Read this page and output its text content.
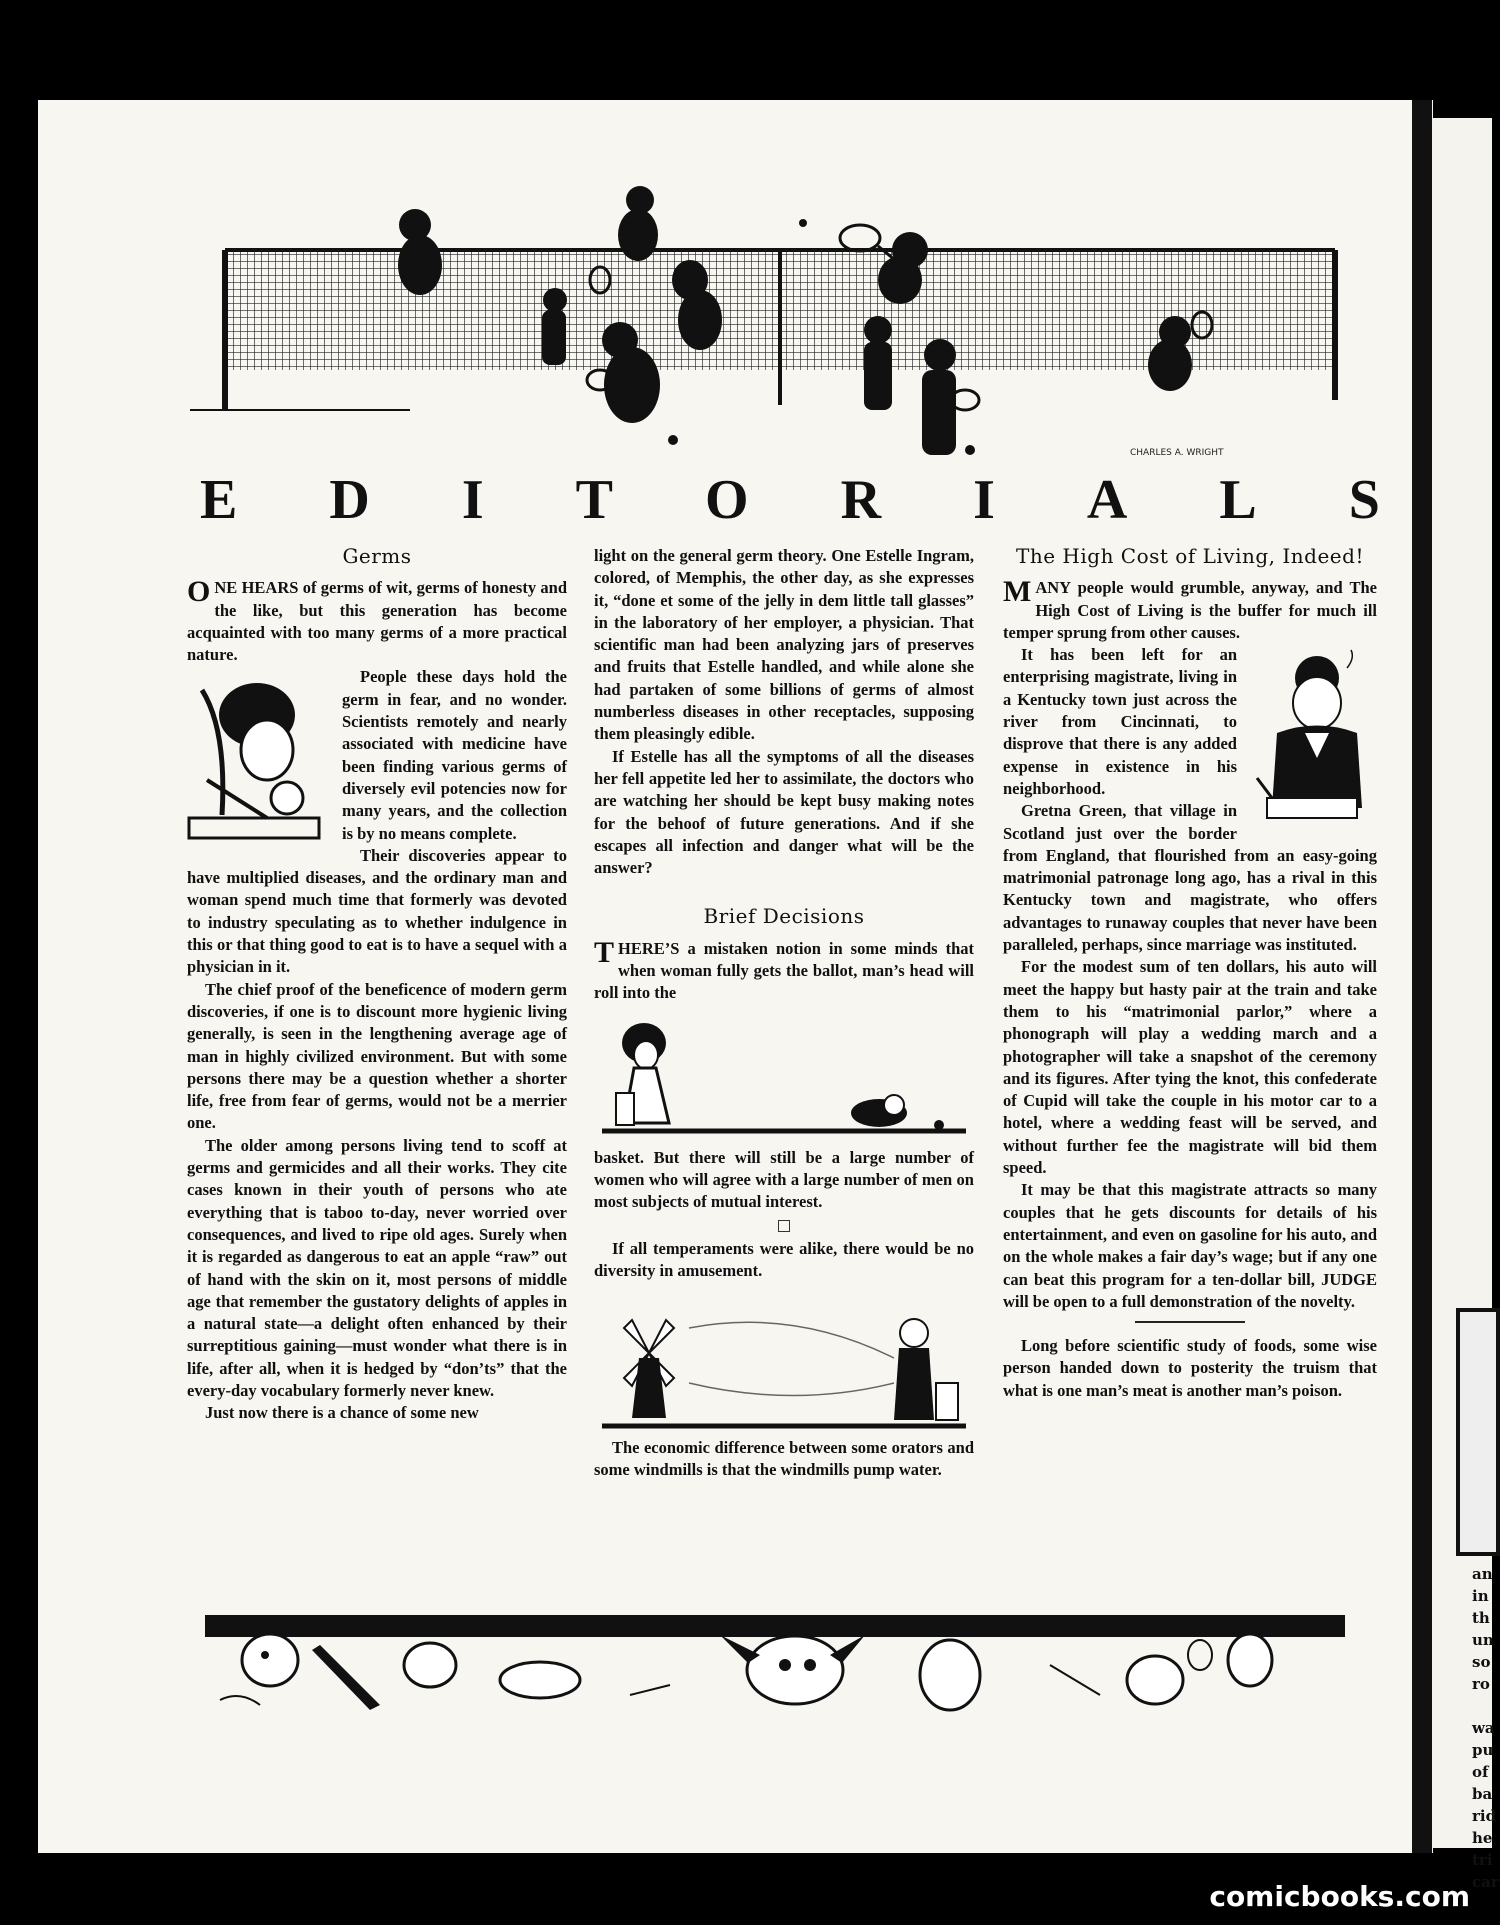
an
in
th
un
so
ro

wa
pu
of
ba
rid
he
tri
car
CHARLES A. WRIGHT
E D I T O R I A L S
Germs

ONE HEARS of germs of wit, germs of honesty and the like, but this generation has become acquainted with too many germs of a more practical nature.

People these days hold the germ in fear, and no wonder. Scientists remotely and nearly associated with medicine have been finding various germs of diversely evil potencies now for many years, and the collection is by no means complete.

Their discoveries appear to have multiplied diseases, and the ordinary man and woman spend much time that formerly was devoted to industry speculating as to whether indulgence in this or that thing good to eat is to have a sequel with a physician in it.

The chief proof of the beneficence of modern germ discoveries, if one is to discount more hygienic living generally, is seen in the lengthening average age of man in highly civilized environment. But with some persons there may be a question whether a shorter life, free from fear of germs, would not be a merrier one.

The older among persons living tend to scoff at germs and germicides and all their works. They cite cases known in their youth of persons who ate everything that is taboo to-day, never worried over consequences, and lived to ripe old ages. Surely when it is regarded as dangerous to eat an apple “raw” out of hand with the skin on it, most persons of middle age that remember the gustatory delights of apples in a natural state—a delight often enhanced by their surreptitious gaining—must wonder what there is in life, after all, when it is hedged by “don’ts” that the every-day vocabulary formerly never knew.

Just now there is a chance of some new

light on the general germ theory. One Estelle Ingram, colored, of Memphis, the other day, as she expresses it, “done et some of the jelly in dem little tall glasses” in the laboratory of her employer, a physician. That scientific man had been analyzing jars of preserves and fruits that Estelle handled, and while alone she had partaken of some billions of germs of almost numberless diseases in other receptacles, supposing them pleasingly edible.

If Estelle has all the symptoms of all the diseases her fell appetite led her to assimilate, the doctors who are watching her should be kept busy making notes for the behoof of future generations. And if she escapes all infection and danger what will be the answer?

Brief Decisions

THERE’S a mistaken notion in some minds that when woman fully gets the ballot, man’s head will roll into the

basket. But there will still be a large number of women who will agree with a large number of men on most subjects of mutual interest.

If all temperaments were alike, there would be no diversity in amusement.

The economic difference between some orators and some windmills is that the windmills pump water.

The High Cost of Living, Indeed!

MANY people would grumble, anyway, and The High Cost of Living is the buffer for much ill temper sprung from other causes.

It has been left for an enterprising magistrate, living in a Kentucky town just across the river from Cincinnati, to disprove that there is any added expense in existence in his neighborhood.

Gretna Green, that village in Scotland just over the border from England, that flourished from an easy-going matrimonial patronage long ago, has a rival in this Kentucky town and magistrate, who offers advantages to runaway couples that never have been paralleled, perhaps, since marriage was instituted.

For the modest sum of ten dollars, his auto will meet the happy but hasty pair at the train and take them to his “matrimonial parlor,” where a phonograph will play a wedding march and a photographer will take a snapshot of the ceremony and its figures. After tying the knot, this confederate of Cupid will take the couple in his motor car to a hotel, where a wedding feast will be served, and without further fee the magistrate will bid them speed.

It may be that this magistrate attracts so many couples that he gets discounts for details of his entertainment, and even on gasoline for his auto, and on the whole makes a fair day’s wage; but if any one can beat this program for a ten-dollar bill, JUDGE will be open to a full demonstration of the novelty.

Long before scientific study of foods, some wise person handed down to posterity the truism that what is one man’s meat is another man’s poison.

comicbooks.com
